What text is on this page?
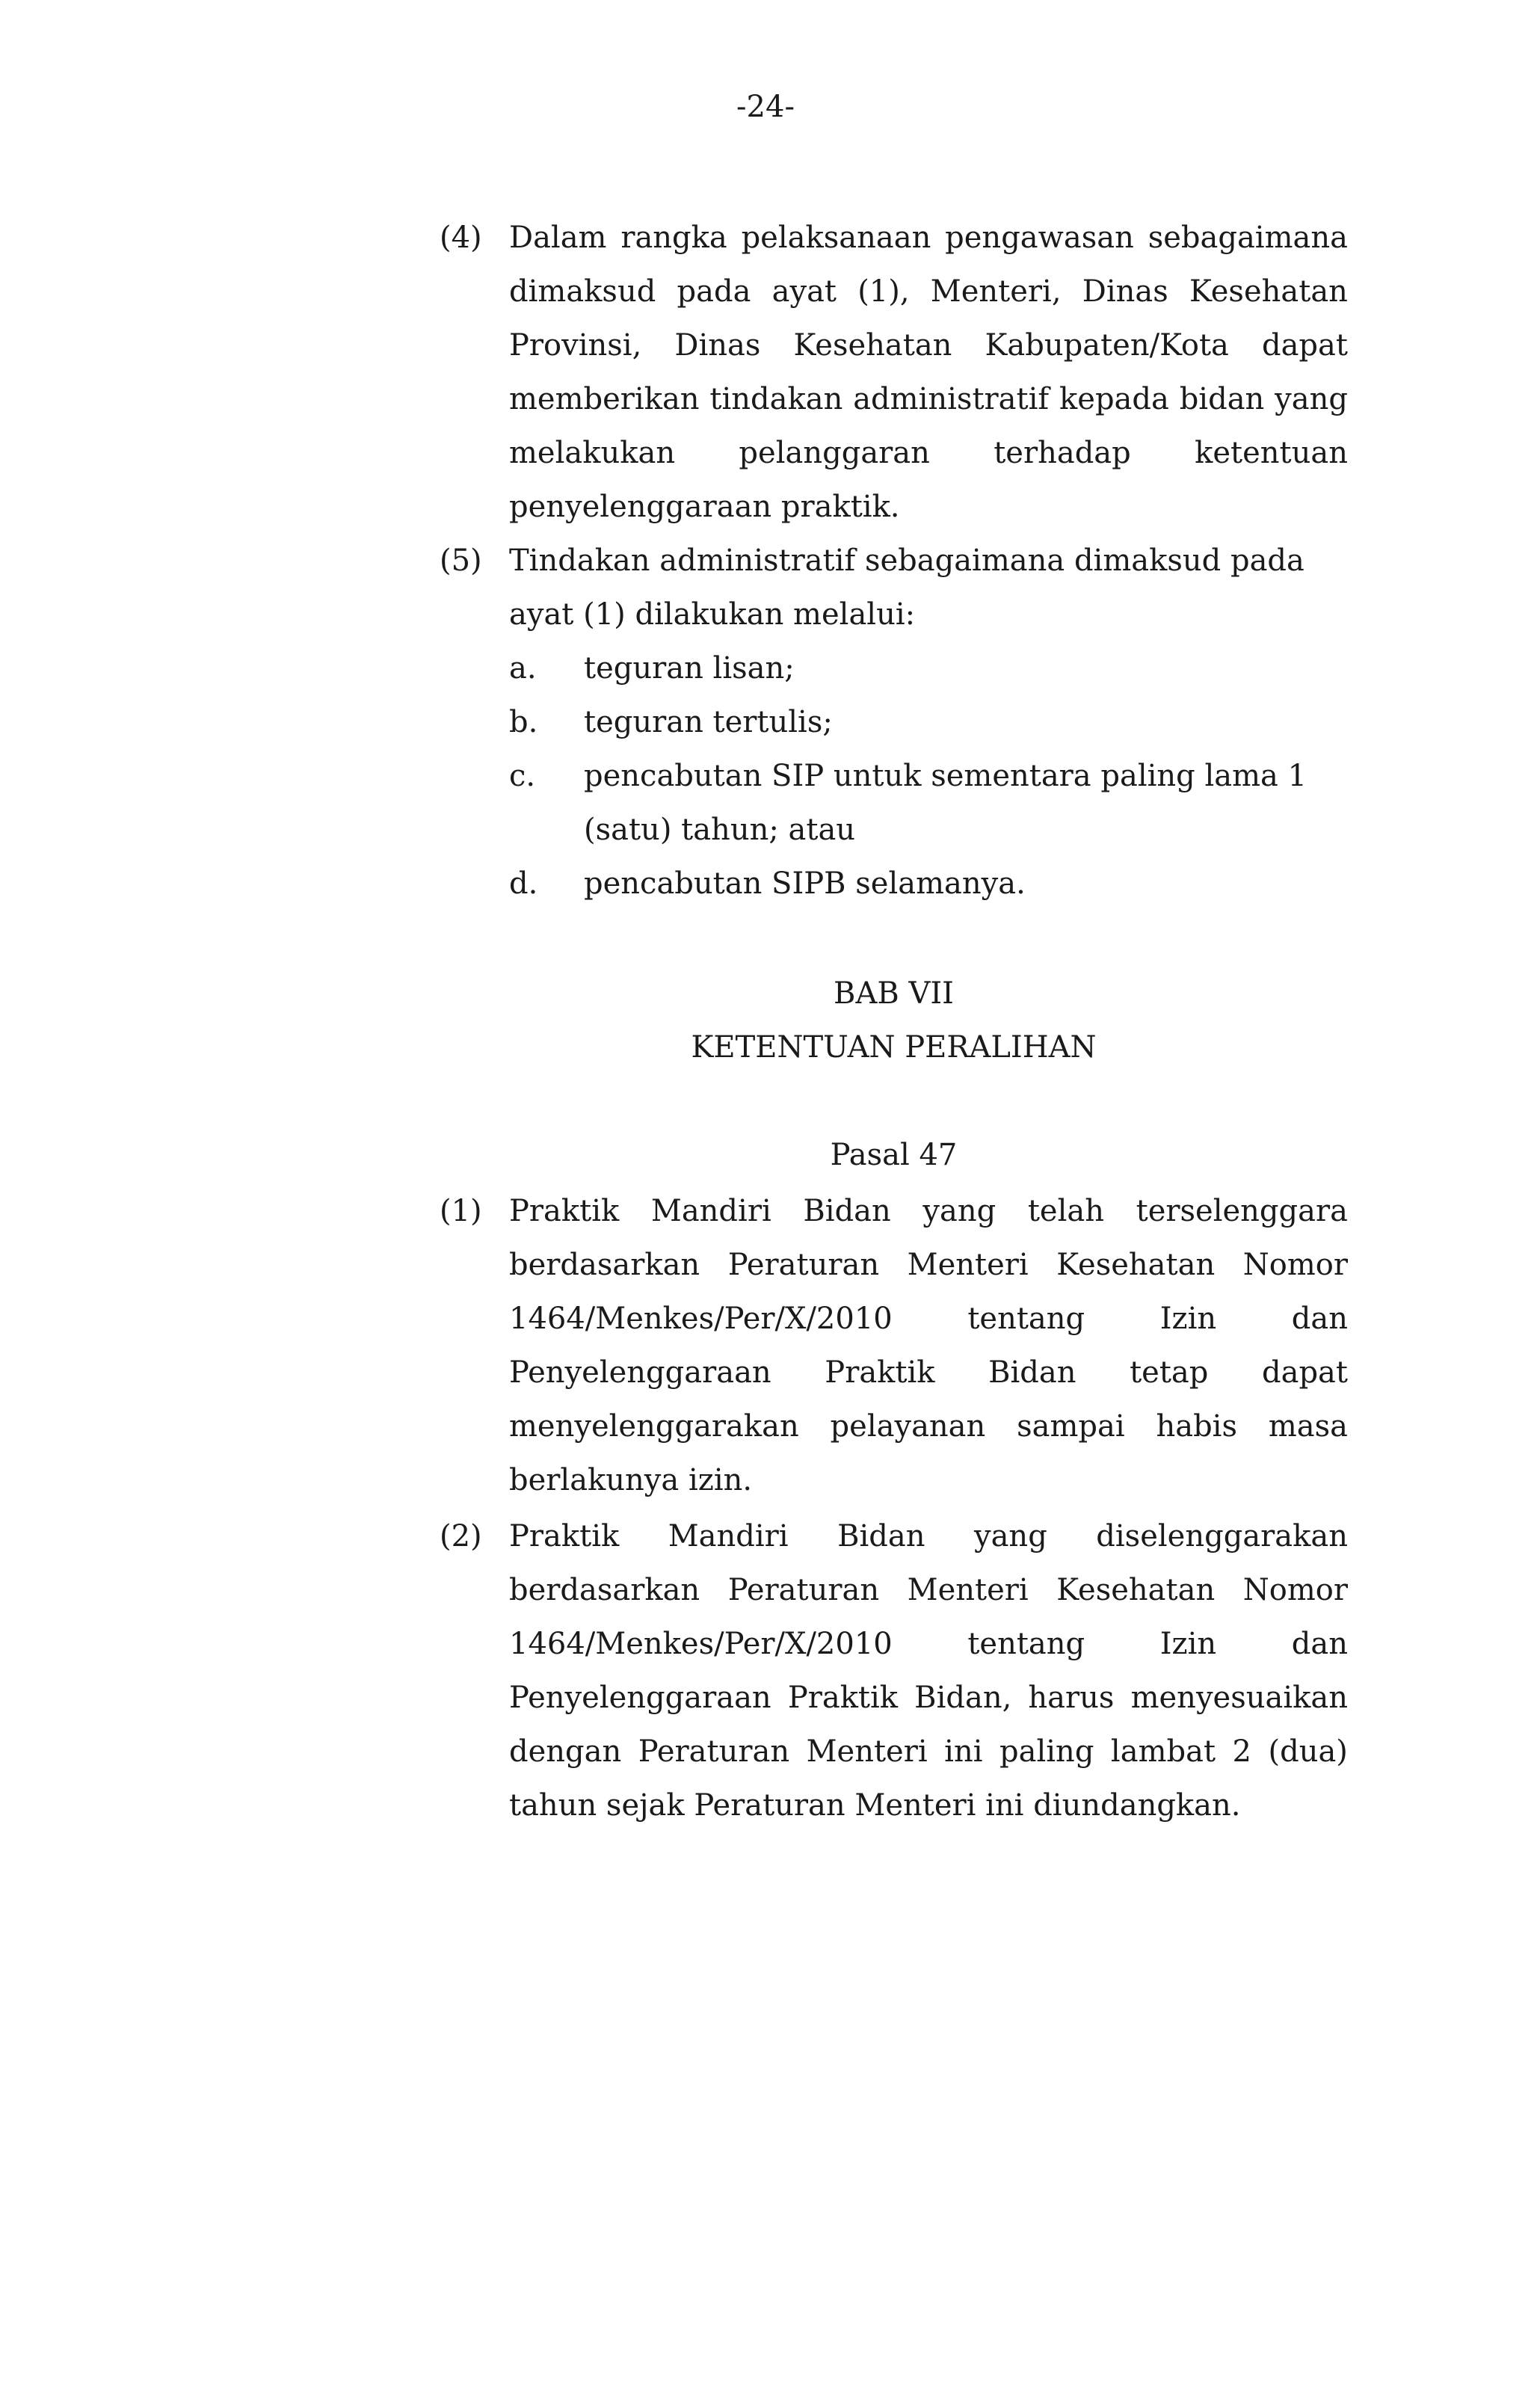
-24-
(4) Dalam rangka pelaksanaan pengawasan sebagaimana
dimaksud pada ayat (1), Menteri, Dinas Kesehatan
Provinsi, Dinas Kesehatan Kabupaten/Kota dapat
memberikan tindakan administratif kepada bidan yang
melakukan pelanggaran terhadap ketentuan
penyelenggaraan praktik.
(5) Tindakan administratif sebagaimana dimaksud pada
ayat (1) dilakukan melalui:
a. teguran lisan;
b. teguran tertulis;
c. pencabutan SIP untuk sementara paling lama 1
(satu) tahun; atau
d. pencabutan SIPB selamanya.
BAB VII
KETENTUAN PERALIHAN
Pasal 47
(1) Praktik Mandiri Bidan yang telah terselenggara
berdasarkan Peraturan Menteri Kesehatan Nomor
1464/Menkes/Per/X/2010	tentang	Izin	dan
Penyelenggaraan Praktik Bidan tetap dapat
menyelenggarakan pelayanan sampai habis masa
berlakunya izin.
(2) Praktik Mandiri Bidan yang diselenggarakan
berdasarkan Peraturan Menteri Kesehatan Nomor
1464/Menkes/Per/X/2010	tentang	Izin	dan
Penyelenggaraan Praktik Bidan, harus menyesuaikan
dengan Peraturan Menteri ini paling lambat 2 (dua)
tahun sejak Peraturan Menteri ini diundangkan.
